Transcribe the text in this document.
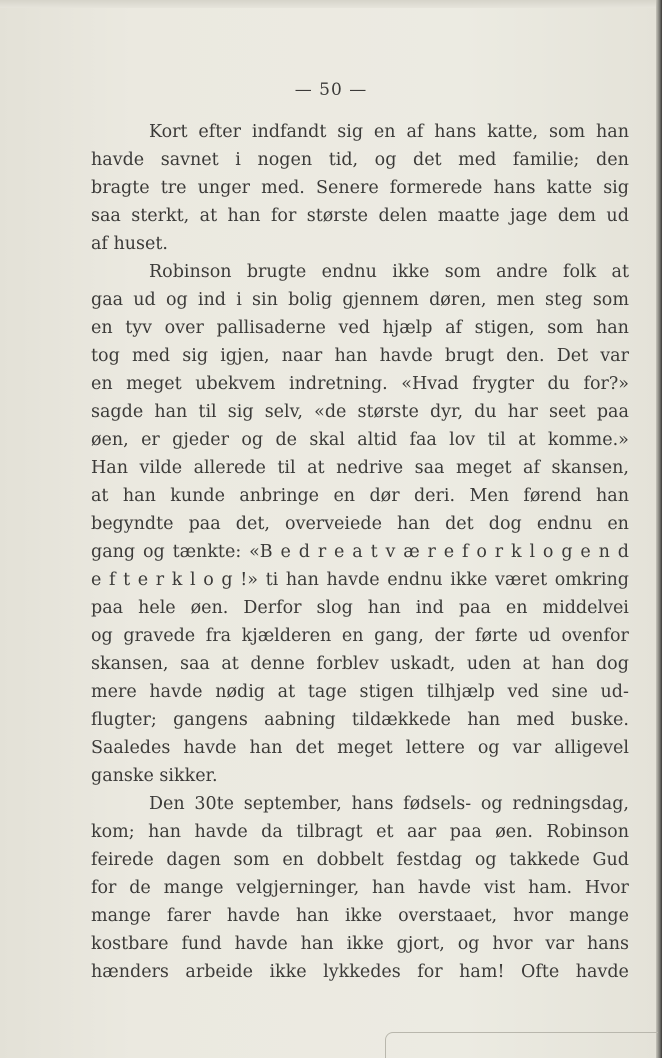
— 50 —
Kort efter indfandt sig en af hans katte, som han
havde savnet i nogen tid, og det med familie; den
bragte tre unger med. Senere formerede hans katte sig
saa sterkt, at han for største delen maatte jage dem ud
af huset.
Robinson brugte endnu ikke som andre folk at
gaa ud og ind i sin bolig gjennem døren, men steg som
en tyv over pallisaderne ved hjælp af stigen, som han
tog med sig igjen, naar han havde brugt den. Det var
en meget ubekvem indretning. «Hvad frygter du for?»
sagde han til sig selv, «de største dyr, du har seet paa
øen, er gjeder og de skal altid faa lov til at komme.»
Han vilde allerede til at nedrive saa meget af skansen,
at han kunde anbringe en dør deri. Men førend han
begyndte paa det, overveiede han det dog endnu en
gang og tænkte: «B e d r e a t v æ r e f o r k l o g e n d
e f t e r k l o g !» ti han havde endnu ikke været omkring
paa hele øen. Derfor slog han ind paa en middelvei
og gravede fra kjælderen en gang, der førte ud ovenfor
skansen, saa at denne forblev uskadt, uden at han dog
mere havde nødig at tage stigen tilhjælp ved sine ud-
flugter; gangens aabning tildækkede han med buske.
Saaledes havde han det meget lettere og var alligevel
ganske sikker.
Den 30te september, hans fødsels- og redningsdag,
kom; han havde da tilbragt et aar paa øen. Robinson
feirede dagen som en dobbelt festdag og takkede Gud
for de mange velgjerninger, han havde vist ham. Hvor
mange farer havde han ikke overstaaet, hvor mange
kostbare fund havde han ikke gjort, og hvor var hans
hænders arbeide ikke lykkedes for ham! Ofte havde
